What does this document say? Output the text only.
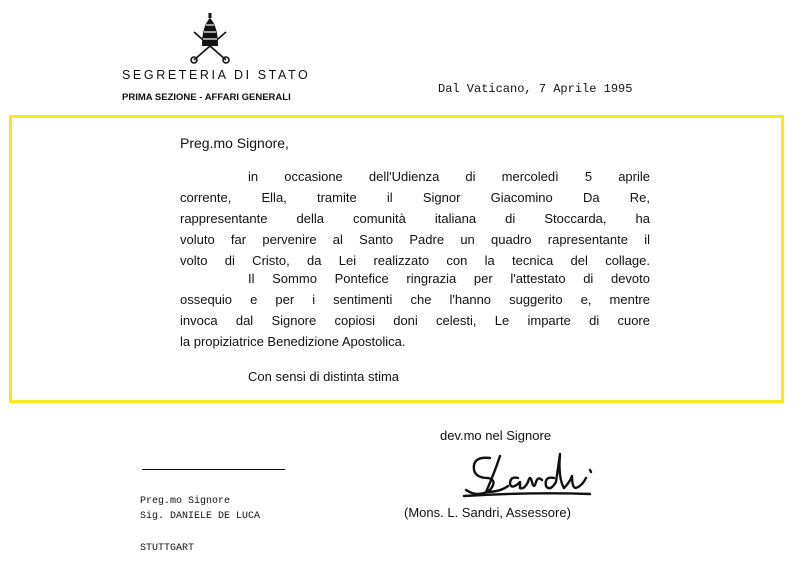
SEGRETERIA DI STATO
PRIMA SEZIONE - AFFARI GENERALI
Dal Vaticano, 7 Aprile 1995
Preg.mo Signore,
in occasione dell'Udienza di mercoledì 5 aprile
corrente, Ella, tramite il Signor Giacomino Da Re,
rappresentante della comunità italiana di Stoccarda, ha
voluto far pervenire al Santo Padre un quadro rapresentante il
volto di Cristo, da Lei realizzato con la tecnica del collage.
Il Sommo Pontefice ringrazia per l'attestato di devoto
ossequio e per i sentimenti che l'hanno suggerito e, mentre
invoca dal Signore copiosi doni celesti, Le imparte di cuore
la propiziatrice Benedizione Apostolica.
Con sensi di distinta stima
dev.mo nel Signore
(Mons. L. Sandri, Assessore)
Preg.mo Signore
Sig. DANIELE DE LUCA
STUTTGART
